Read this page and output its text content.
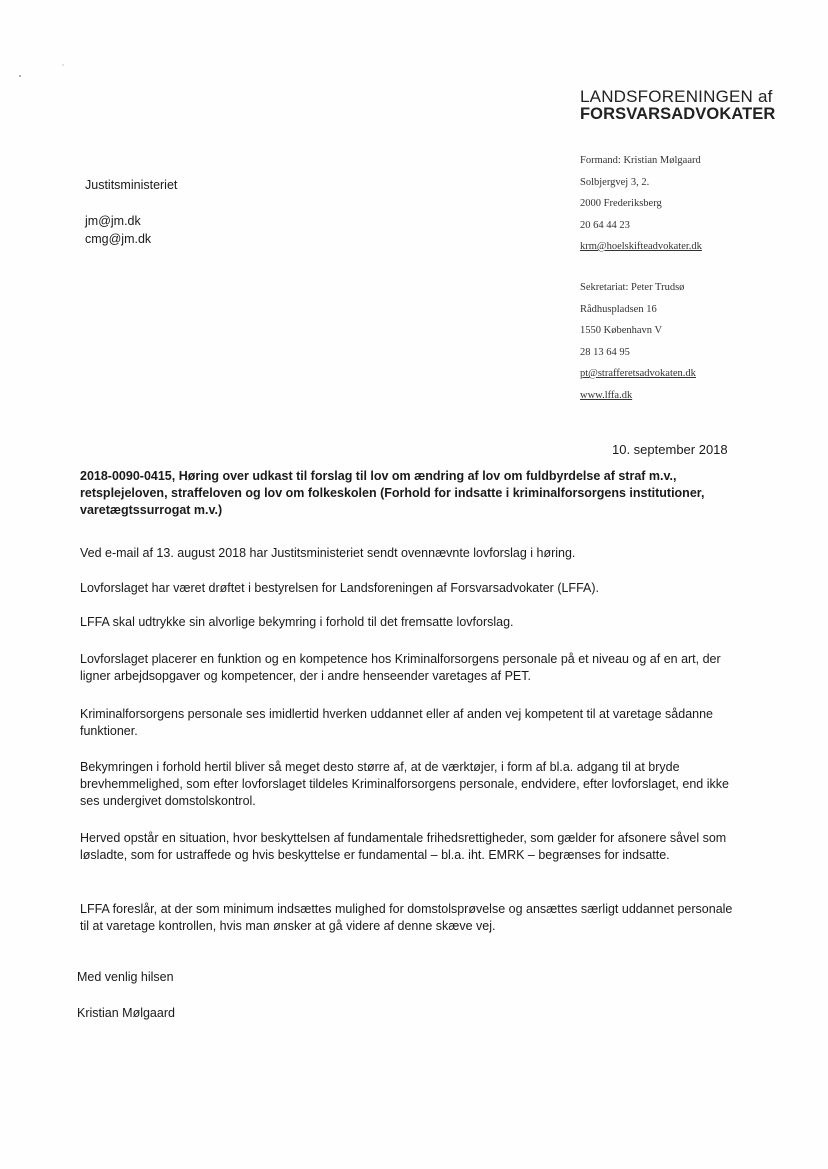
LANDSFORENINGEN af
FORSVARSADVOKATER
Formand: Kristian Mølgaard
Solbjergvej 3, 2.
2000 Frederiksberg
20 64 44 23
krm@hoelskifteadvokater.dk
Sekretariat: Peter Trudsø
Rådhuspladsen 16
1550 København V
28 13 64 95
pt@strafferetsadvokaten.dk
www.lffa.dk
Justitsministeriet
jm@jm.dk
cmg@jm.dk
10. september 2018
2018-0090-0415, Høring over udkast til forslag til lov om ændring af lov om fuldbyrdelse af straf m.v., retsplejeloven, straffeloven og lov om folkeskolen (Forhold for indsatte i kriminalforsorgens institutioner, varetægtssurrogat m.v.)
Ved e-mail af 13. august 2018 har Justitsministeriet sendt ovennævnte lovforslag i høring.
Lovforslaget har været drøftet i bestyrelsen for Landsforeningen af Forsvarsadvokater (LFFA).
LFFA skal udtrykke sin alvorlige bekymring i forhold til det fremsatte lovforslag.
Lovforslaget placerer en funktion og en kompetence hos Kriminalforsorgens personale på et niveau og af en art, der ligner arbejdsopgaver og kompetencer, der i andre henseender varetages af PET.
Kriminalforsorgens personale ses imidlertid hverken uddannet eller af anden vej kompetent til at varetage sådanne funktioner.
Bekymringen i forhold hertil bliver så meget desto større af, at de værktøjer, i form af bl.a. adgang til at bryde brevhemmelighed, som efter lovforslaget tildeles Kriminalforsorgens personale, endvidere, efter lovforslaget, end ikke ses undergivet domstolskontrol.
Herved opstår en situation, hvor beskyttelsen af fundamentale frihedsrettigheder, som gælder for afsonere såvel som løsladte, som for ustraffede og hvis beskyttelse er fundamental – bl.a. iht. EMRK – begrænses for indsatte.
LFFA foreslår, at der som minimum indsættes mulighed for domstolsprøvelse og ansættes særligt uddannet personale til at varetage kontrollen, hvis man ønsker at gå videre af denne skæve vej.
Med venlig hilsen
Kristian Mølgaard
